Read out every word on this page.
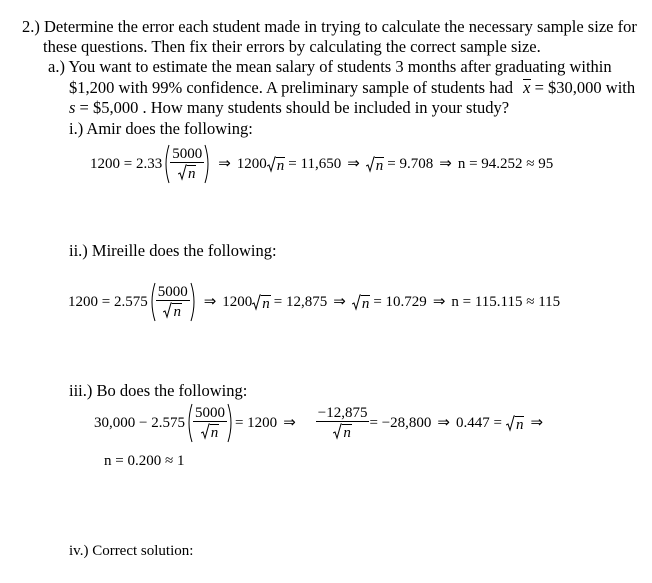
2.) Determine the error each student made in trying to calculate the necessary sample size for
these questions. Then fix their errors by calculating the correct sample size.
a.) You want to estimate the mean salary of students 3 months after graduating within
$1,200 with 99% confidence. A preliminary sample of students had x = $30,000 with
s = $5,000 . How many students should be included in your study?
i.) Amir does the following:
$1200 = 2.33 \frac{5000}{n}$ ⇒ 1200 n = 11,650 ⇒ n = 9.708 ⇒ n = 94.252 ≈ 95
ii.) Mireille does the following:
$1200 = 2.575 \frac{5000}{n}$ ⇒ 1200 n = 12,875 ⇒ n = 10.729 ⇒ n = 115.115 ≈ 115
iii.) Bo does the following:
$30,000 - 2.575 \frac{5000}{n} = 1200$ ⇒ $\frac{-12,875}{n} = -28,800$ ⇒ 0.447 = n ⇒
n = 0.200 ≈ 1
iv.) Correct solution:
